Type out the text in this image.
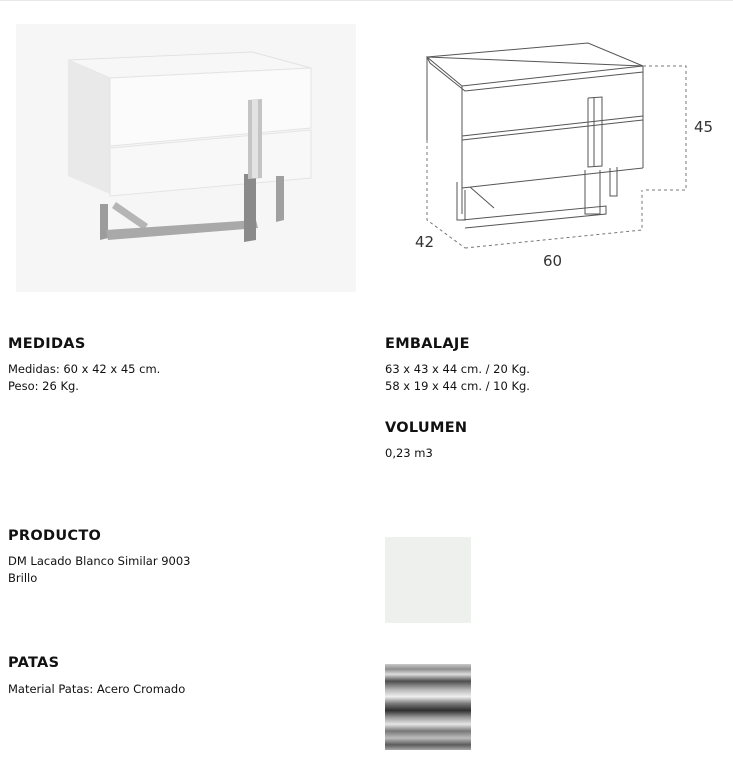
45
42
60
MEDIDAS

Medidas: 60 x 42 x 45 cm.

Peso: 26 Kg.

EMBALAJE

63 x 43 x 44 cm. / 20 Kg.

58 x 19 x 44 cm. / 10 Kg.

VOLUMEN

0,23 m3

PRODUCTO

DM Lacado Blanco Similar 9003

Brillo

PATAS

Material Patas: Acero Cromado
